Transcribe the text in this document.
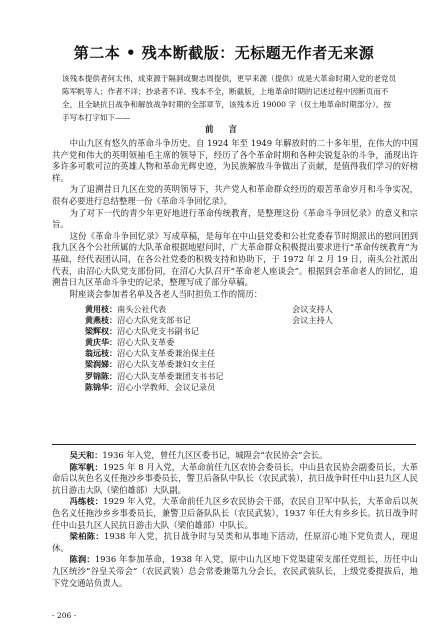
第二本 • 残本断截版：无标题无作者无来源
该残本提供者何太伟，成束源于隔洞或聚志周提供，更早来源（提供）成是大革命时期入党的老党员陈军帆等人；作者不详；抄录者不详。残本不全，断截版，上地革命时期的记述过程中因断页而不全，且全缺抗日战争和解放战争时期的全部章节，该残本近 19000 字（仅土地革命时期部分）。按手写本打字如下——
前 言

中山九区有悠久的革命斗争历史。自 1924 年至 1949 年解放时的二十多年里，在伟大的中国共产党和伟大的英明领袖毛主席的领导下，经历了各个革命时期和各种尖锐复杂的斗争，涌现出许多许多可歌可泣的英雄人物和革命光辉史迹，为民族解放斗争做出了贡献，是值得我们学习的好榜样。

为了追溯昔日九区在党的英明领导下，共产党人和革命群众经历的艰苦革命岁月和斗争实况，很有必要进行总结整理一份《革命斗争回忆录》。

为了对下一代的青少年更好地进行革命传统教育，是整理这份《革命斗争回忆录》的意义和宗旨。

这份《革命斗争回忆录》写成草稿，是每年在中山县党委和公社党委春节时期派出的慰问团到我九区各个公社所属的大队革命根据地慰问时，广大革命群众积极提出要求进行“革命传统教育”为基础，经代表团认同，在各公社党委的积极支持和协助下，于 1972 年 2 月 19 日，南头公社派出代表，由沼心大队党支部份同，在沼心大队召开“革命老人座谈会”。根据到会革命老人的回忆，追溯昔日九区革命斗争史的记录，整理写成了部分草稿。

附座谈会参加者名单及各老人当时担负工作的简历：

黄用枝： 南头公社代表	会议支持人
黄燕枝： 沼心大队党支部书记	会议主持人
梁辉权： 沼心大队党支书副书记
黄庆华： 沼心大队支革委
翁远枝： 沼心大队支革委兼治保主任
梁润娣： 沼心大队支革委兼妇女主任
罗锦陈： 沼心大队支革委兼团支书书记
陈锦华： 沼心小学教师、会议记录员

吴天和：1936 年入党，曾任九区区委书记，城隍会“农民协会”会长。

陈军帆：1925 年 8 月入党，大革命前任九区农协会委员长，中山县农民协会副委员长，大革命后以灰色名义任拖沙乡事委员长，警卫后备队中队长（农民武装），抗日战争时任中山县九区人民抗日游击大队（梁伯雄部）大队副。

冯练枝：1929 年入党，大革命前任九区乡农民协会干部，农民自卫军中队长，大革命后以灰色名义任拖沙乡乡事委员长，兼警卫后备队队长（农民武装），1937 年任大有乡乡长。抗日战争时任中山县九区人民抗日游击大队（梁伯雄部）中队长。

梁柏陈：1938 年入党，抗日战争时与吴类和从事地下活动，任原沼心地下党负责人，现退休。

陈润：1936 年参加革命，1938 年入党，原中山九区地下党渠建荣支部任党组长，历任中山九区统沙“谷皇关帝会”（农民武装）总会常委兼第九分会长，农民武装队长，上级党委提拔后，地下党交通站负责人。

- 206 -
